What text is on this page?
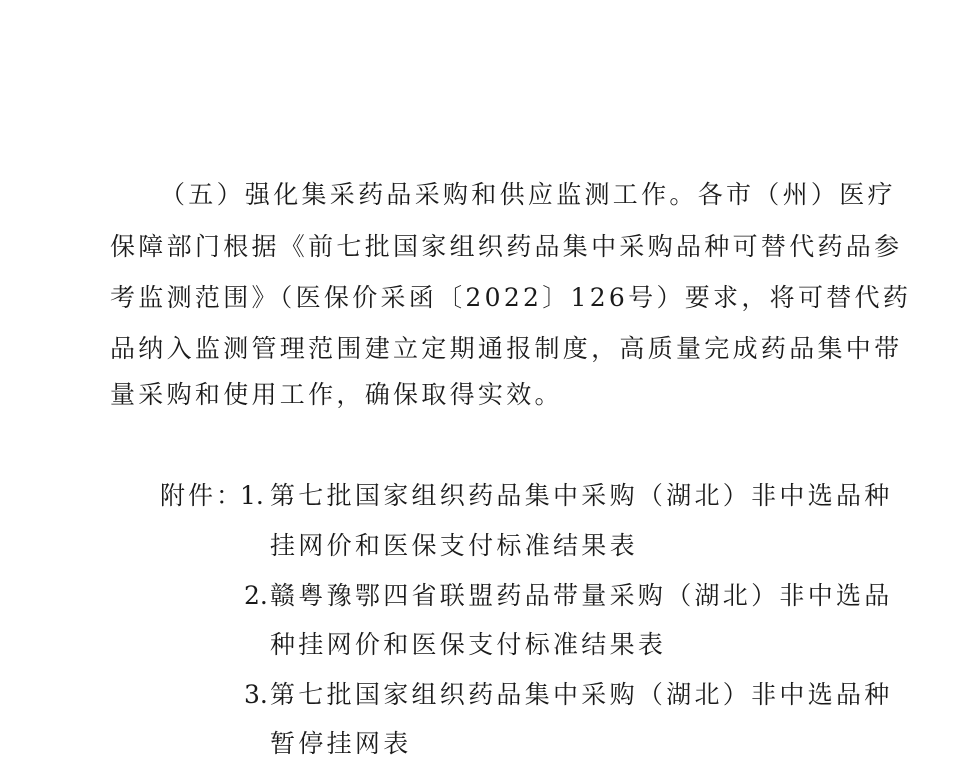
（五）强化集采药品采购和供应监测工作。各市（州）医疗
保障部门根据《前七批国家组织药品集中采购品种可替代药品参
考监测范围》（医保价采函〔2022〕126号）要求，将可替代药
品纳入监测管理范围建立定期通报制度，高质量完成药品集中带
量采购和使用工作，确保取得实效。
附件：
1. 第七批国家组织药品集中采购（湖北）非中选品种
挂网价和医保支付标准结果表
2. 赣粤豫鄂四省联盟药品带量采购（湖北）非中选品
种挂网价和医保支付标准结果表
3. 第七批国家组织药品集中采购（湖北）非中选品种
暂停挂网表
